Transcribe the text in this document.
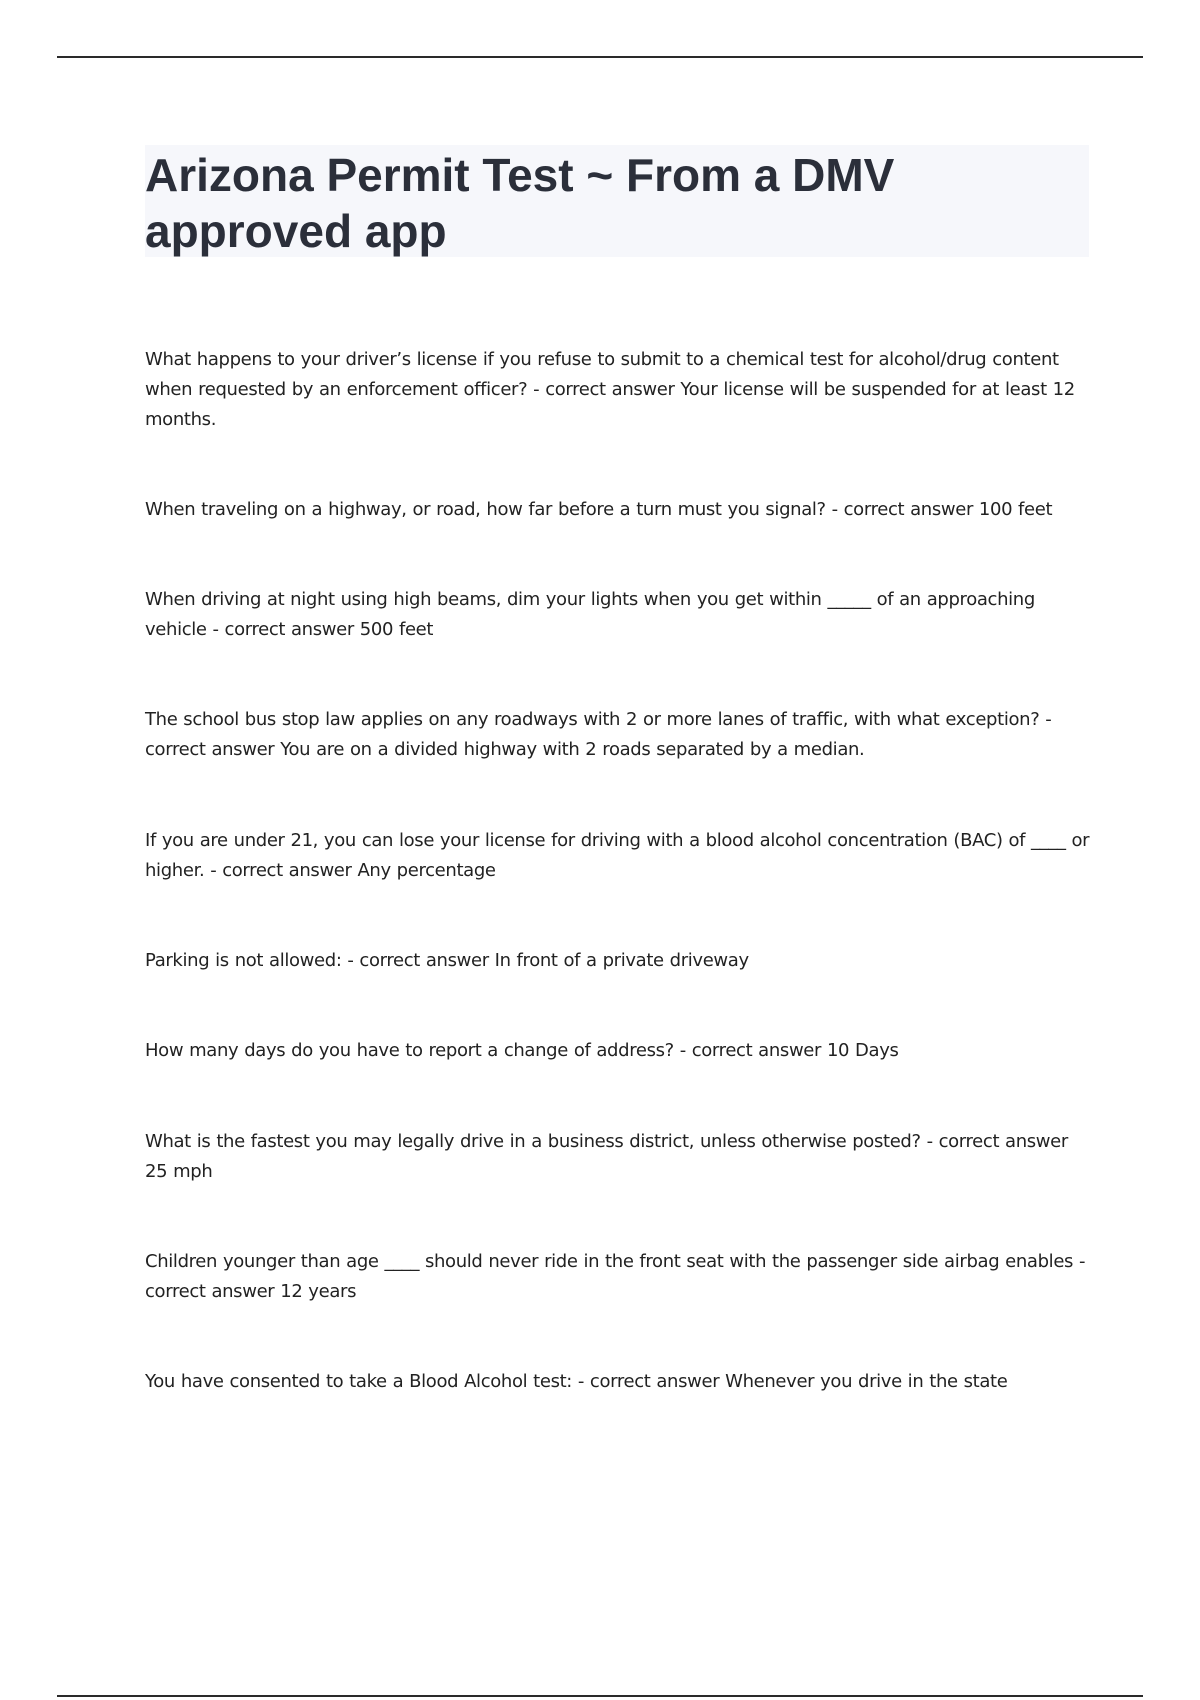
Arizona Permit Test ~ From a DMV
approved app
What happens to your driver’s license if you refuse to submit to a chemical test for alcohol/drug content when requested by an enforcement officer? - correct answer Your license will be suspended for at least 12 months.
When traveling on a highway, or road, how far before a turn must you signal? - correct answer 100 feet
When driving at night using high beams, dim your lights when you get within _____ of an approaching vehicle - correct answer 500 feet
The school bus stop law applies on any roadways with 2 or more lanes of traffic, with what exception? - correct answer You are on a divided highway with 2 roads separated by a median.
If you are under 21, you can lose your license for driving with a blood alcohol concentration (BAC) of ____ or higher. - correct answer Any percentage
Parking is not allowed: - correct answer In front of a private driveway
How many days do you have to report a change of address? - correct answer 10 Days
What is the fastest you may legally drive in a business district, unless otherwise posted? - correct answer 25 mph
Children younger than age ____ should never ride in the front seat with the passenger side airbag enables - correct answer 12 years
You have consented to take a Blood Alcohol test: - correct answer Whenever you drive in the state
